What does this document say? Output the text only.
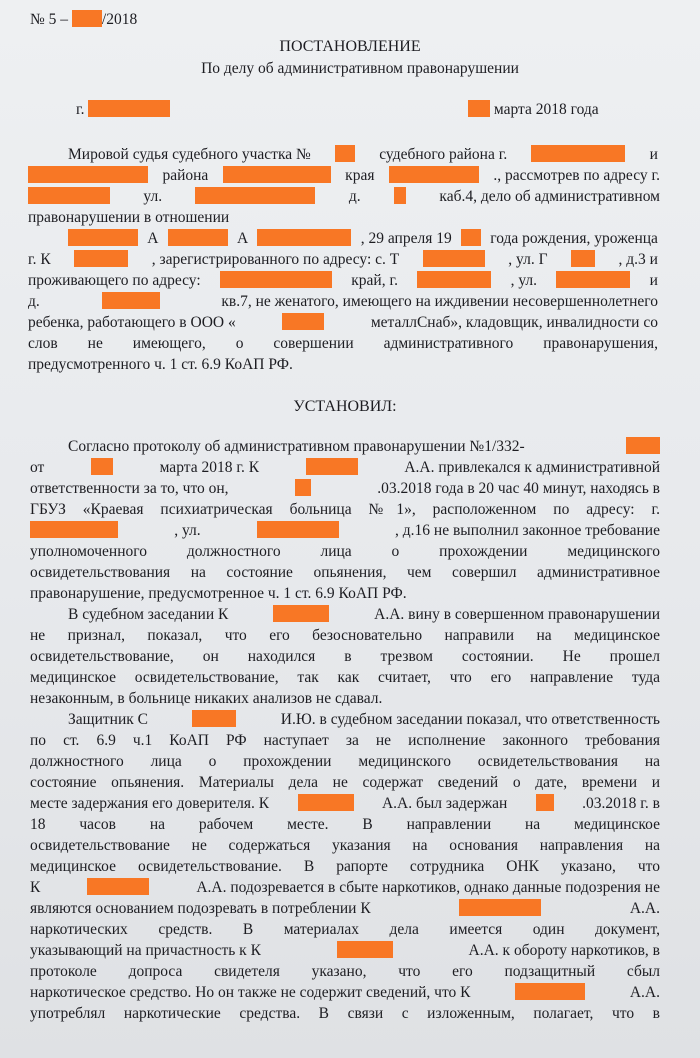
№ 5 – /2018
ПОСТАНОВЛЕНИЕ
По делу об административном правонарушении
г.	марта 2018 года
Мировой судья судебного участка №	судебного района г.	и
района	края	., рассмотрев по адресу г.
ул.	д.	каб.4, дело об административном
правонарушении в отношении
А	А	, 29 апреля 19 года рождения, уроженца
г. К	, зарегистрированного по адресу: с. Т	, ул. Г	, д.3 и
проживающего по адресу:	край, г.	, ул.	и
д.	кв.7, не женатого, имеющего на иждивении несовершеннолетнего
ребенка, работающего в ООО «	металлСнаб», кладовщик, инвалидности со
слов не имеющего, о совершении административного правонарушения,
предусмотренного ч. 1 ст. 6.9 КоАП РФ.
УСТАНОВИЛ:
Согласно протоколу об административном правонарушении №1/332-
от	марта 2018 г. К	А.А. привлекался к административной
ответственности за то, что он,	.03.2018 года в 20 час 40 минут, находясь в
ГБУЗ «Краевая психиатрическая больница №1», расположенном по адресу: г.
, ул.	, д.16 не выполнил законное требование
уполномоченного должностного лица о прохождении медицинского
освидетельствования на состояние опьянения, чем совершил административное
правонарушение, предусмотренное ч. 1 ст. 6.9 КоАП РФ.
В судебном заседании К	А.А. вину в совершенном правонарушении
не признал, показал, что его безосновательно направили на медицинское
освидетельствование, он находился в трезвом состоянии. Не прошел
медицинское освидетельствование, так как считает, что его направление туда
незаконным, в больнице никаких анализов не сдавал.
Защитник С	И.Ю. в судебном заседании показал, что ответственность
по ст. 6.9 ч.1 КоАП РФ наступает за не исполнение законного требования
должностного лица о прохождении медицинского освидетельствования на
состояние опьянения. Материалы дела не содержат сведений о дате, времени и
месте задержания его доверителя. К	А.А. был задержан	.03.2018 г. в
18 часов на рабочем месте. В направлении на медицинское
освидетельствование не содержаться указания на основания направления на
медицинское освидетельствование. В рапорте сотрудника ОНК указано, что
К	А.А. подозревается в сбыте наркотиков, однако данные подозрения не
являются основанием подозревать в потреблении К	А.А.
наркотических средств. В материалах дела имеется один документ,
указывающий на причастность к К	А.А. к обороту наркотиков, в
протоколе допроса свидетеля указано, что его подзащитный сбыл
наркотическое средство. Но он также не содержит сведений, что К	А.А.
употреблял наркотические средства. В связи с изложенным, полагает, что в
